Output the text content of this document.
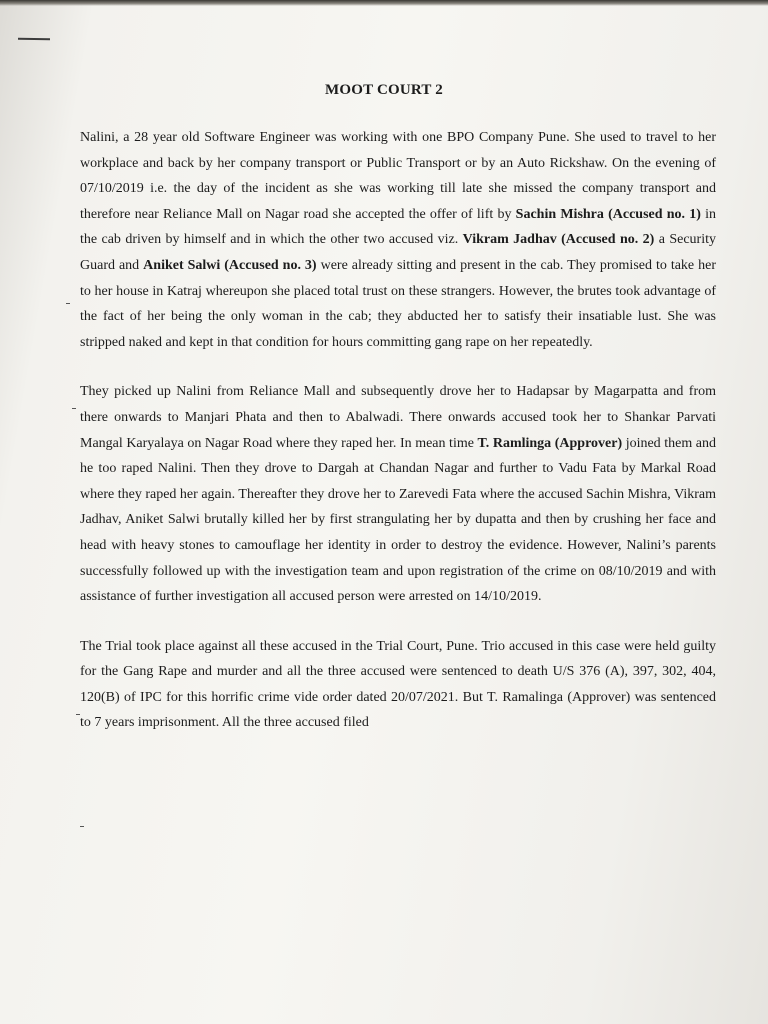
MOOT COURT 2

Nalini, a 28 year old Software Engineer was working with one BPO Company Pune. She used to travel to her workplace and back by her company transport or Public Transport or by an Auto Rickshaw. On the evening of 07/10/2019 i.e. the day of the incident as she was working till late she missed the company transport and therefore near Reliance Mall on Nagar road she accepted the offer of lift by Sachin Mishra (Accused no. 1) in the cab driven by himself and in which the other two accused viz. Vikram Jadhav (Accused no. 2) a Security Guard and Aniket Salwi (Accused no. 3) were already sitting and present in the cab. They promised to take her to her house in Katraj whereupon she placed total trust on these strangers. However, the brutes took advantage of the fact of her being the only woman in the cab; they abducted her to satisfy their insatiable lust. She was stripped naked and kept in that condition for hours committing gang rape on her repeatedly.

They picked up Nalini from Reliance Mall and subsequently drove her to Hadapsar by Magarpatta and from there onwards to Manjari Phata and then to Abalwadi. There onwards accused took her to Shankar Parvati Mangal Karyalaya on Nagar Road where they raped her. In mean time T. Ramlinga (Approver) joined them and he too raped Nalini. Then they drove to Dargah at Chandan Nagar and further to Vadu Fata by Markal Road where they raped her again. Thereafter they drove her to Zarevedi Fata where the accused Sachin Mishra, Vikram Jadhav, Aniket Salwi brutally killed her by first strangulating her by dupatta and then by crushing her face and head with heavy stones to camouflage her identity in order to destroy the evidence. However, Nalini’s parents successfully followed up with the investigation team and upon registration of the crime on 08/10/2019 and with assistance of further investigation all accused person were arrested on 14/10/2019.

The Trial took place against all these accused in the Trial Court, Pune. Trio accused in this case were held guilty for the Gang Rape and murder and all the three accused were sentenced to death U/S 376 (A), 397, 302, 404, 120(B) of IPC for this horrific crime vide order dated 20/07/2021. But T. Ramalinga (Approver) was sentenced to 7 years imprisonment. All the three accused filed
